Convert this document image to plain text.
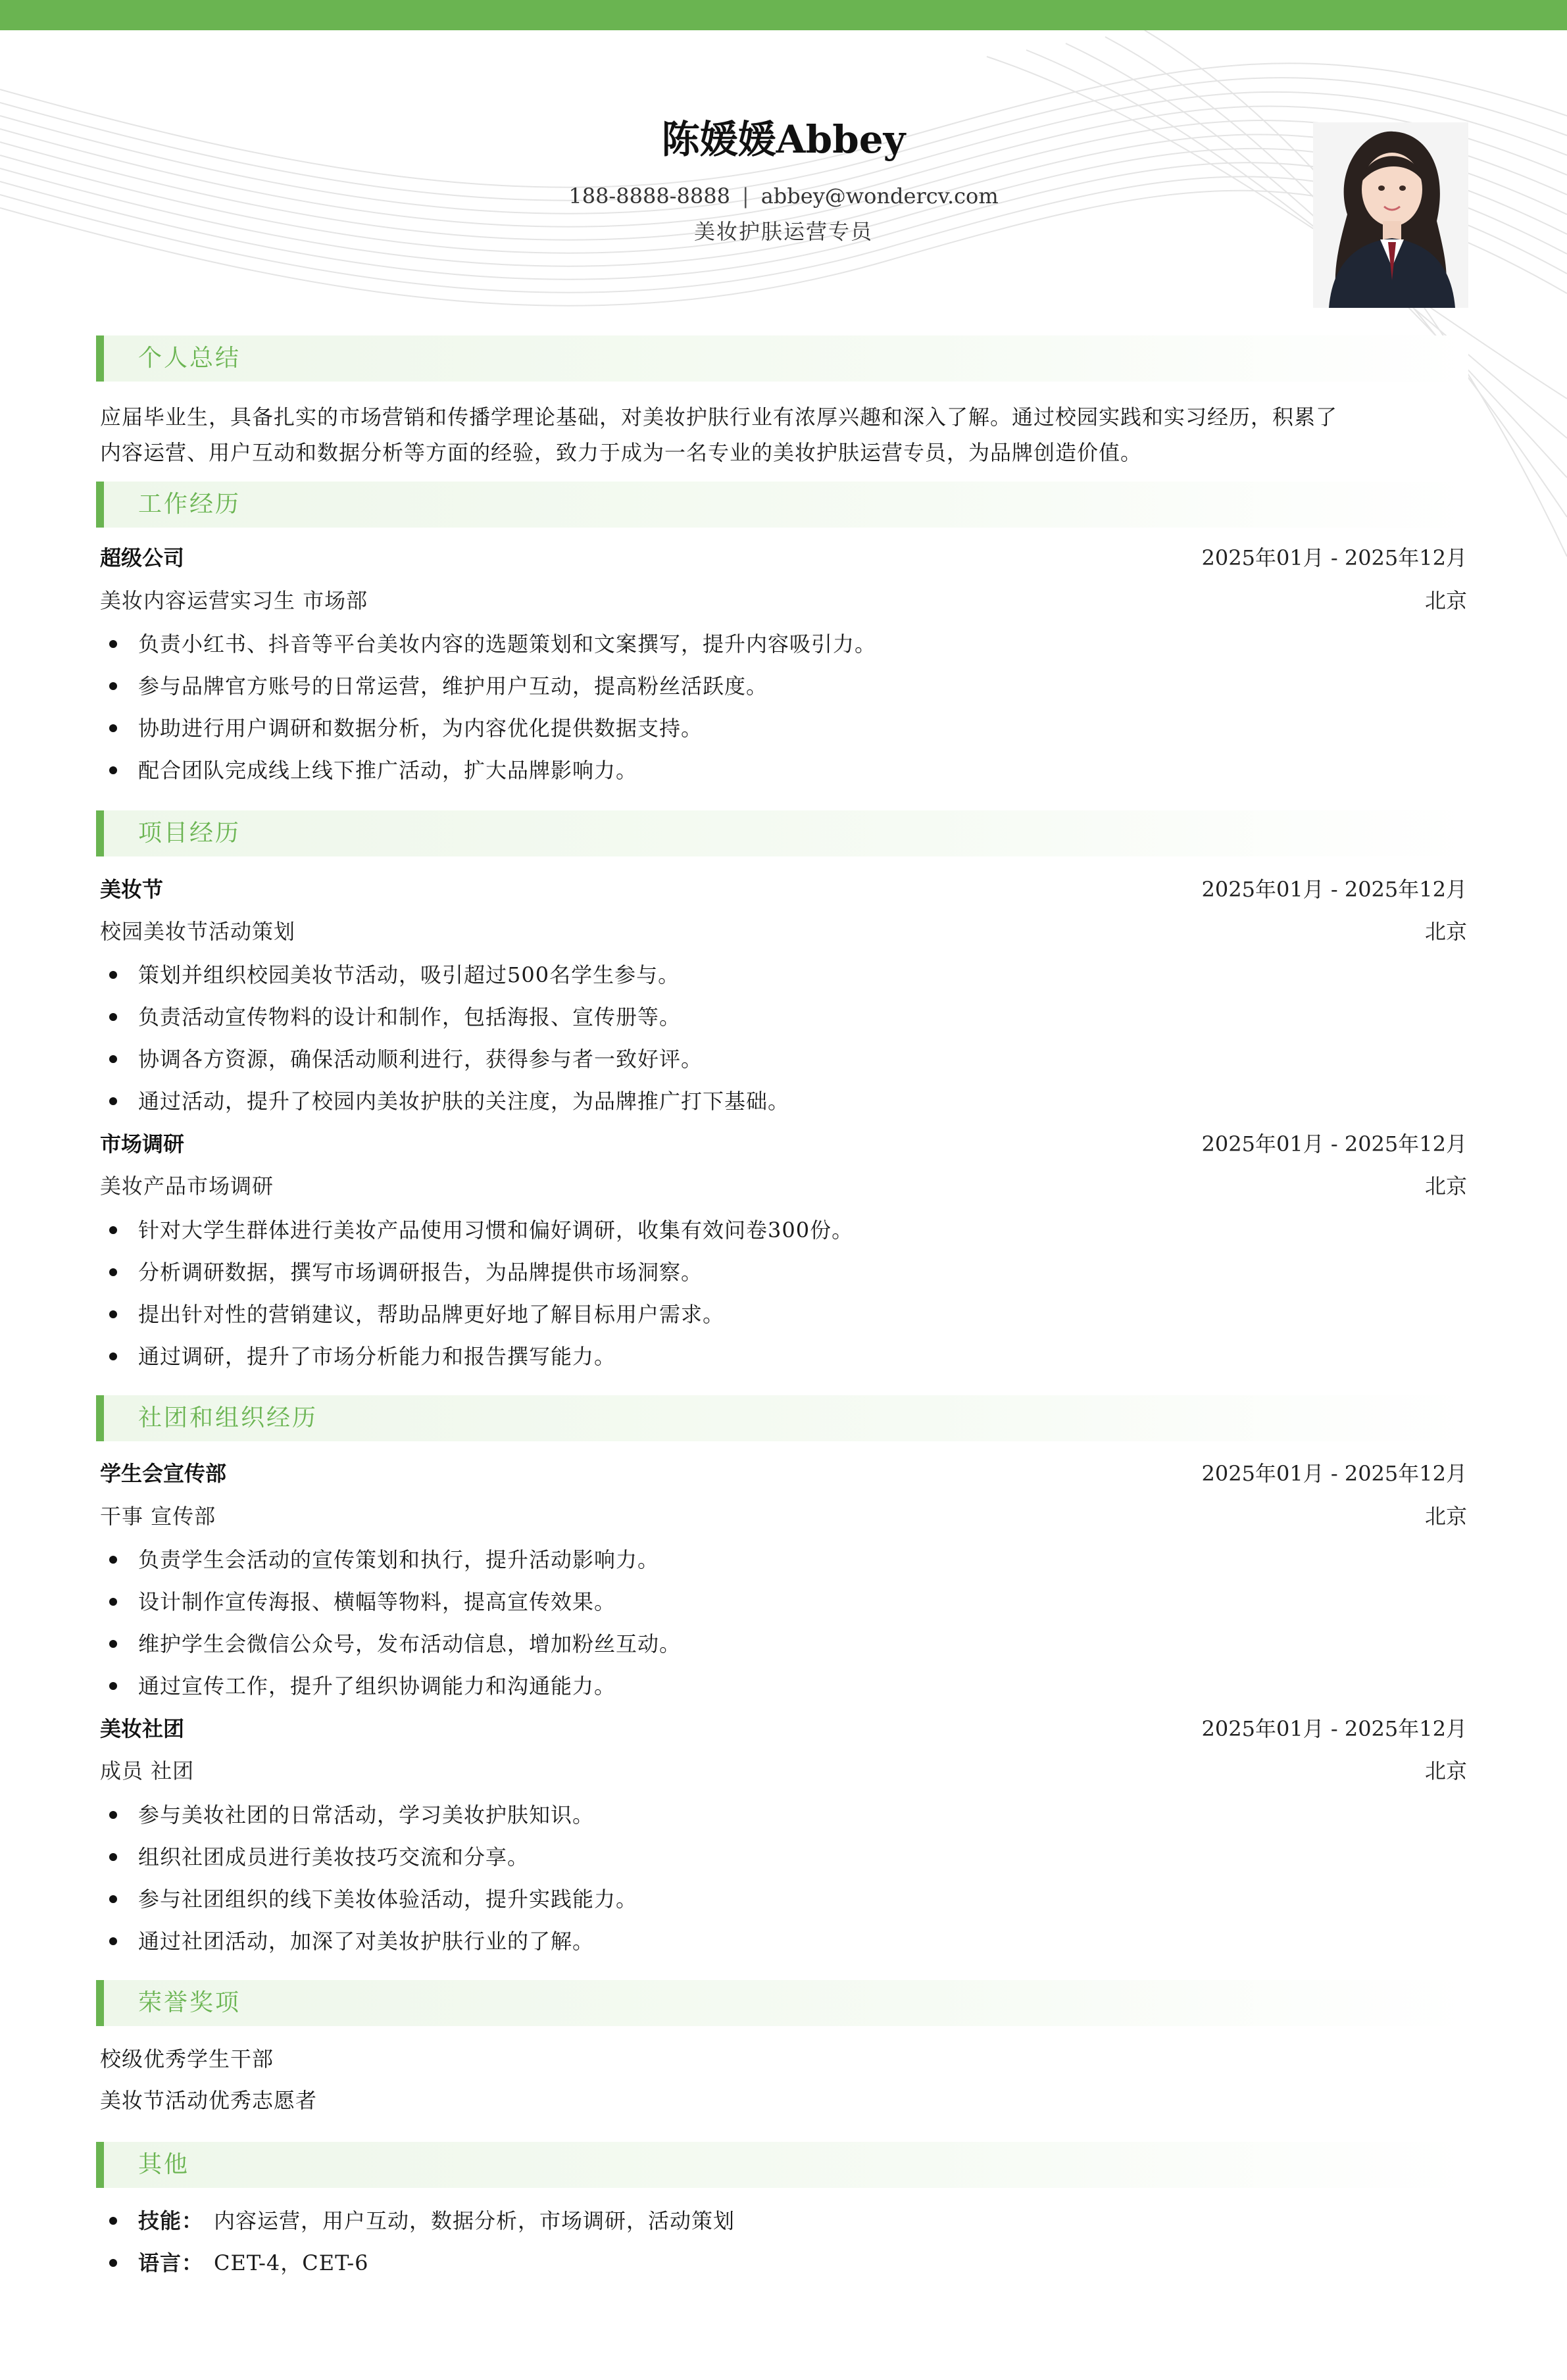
陈媛媛Abbey
188-8888-8888 | abbey@wondercv.com
美妆护肤运营专员
个人总结
应届毕业生，具备扎实的市场营销和传播学理论基础，对美妆护肤行业有浓厚兴趣和深入了解。通过校园实践和实习经历，积累了
内容运营、用户互动和数据分析等方面的经验，致力于成为一名专业的美妆护肤运营专员，为品牌创造价值。
工作经历
超级公司	2025年01月 - 2025年12月
美妆内容运营实习生 市场部	北京
负责小红书、抖音等平台美妆内容的选题策划和文案撰写，提升内容吸引力。
参与品牌官方账号的日常运营，维护用户互动，提高粉丝活跃度。
协助进行用户调研和数据分析，为内容优化提供数据支持。
配合团队完成线上线下推广活动，扩大品牌影响力。
项目经历
美妆节	2025年01月 - 2025年12月
校园美妆节活动策划	北京
策划并组织校园美妆节活动，吸引超过500名学生参与。
负责活动宣传物料的设计和制作，包括海报、宣传册等。
协调各方资源，确保活动顺利进行，获得参与者一致好评。
通过活动，提升了校园内美妆护肤的关注度，为品牌推广打下基础。
市场调研	2025年01月 - 2025年12月
美妆产品市场调研	北京
针对大学生群体进行美妆产品使用习惯和偏好调研，收集有效问卷300份。
分析调研数据，撰写市场调研报告，为品牌提供市场洞察。
提出针对性的营销建议，帮助品牌更好地了解目标用户需求。
通过调研，提升了市场分析能力和报告撰写能力。
社团和组织经历
学生会宣传部	2025年01月 - 2025年12月
干事 宣传部	北京
负责学生会活动的宣传策划和执行，提升活动影响力。
设计制作宣传海报、横幅等物料，提高宣传效果。
维护学生会微信公众号，发布活动信息，增加粉丝互动。
通过宣传工作，提升了组织协调能力和沟通能力。
美妆社团	2025年01月 - 2025年12月
成员 社团	北京
参与美妆社团的日常活动，学习美妆护肤知识。
组织社团成员进行美妆技巧交流和分享。
参与社团组织的线下美妆体验活动，提升实践能力。
通过社团活动，加深了对美妆护肤行业的了解。
荣誉奖项
校级优秀学生干部
美妆节活动优秀志愿者
其他
技能： 内容运营，用户互动，数据分析，市场调研，活动策划
语言： CET-4，CET-6
